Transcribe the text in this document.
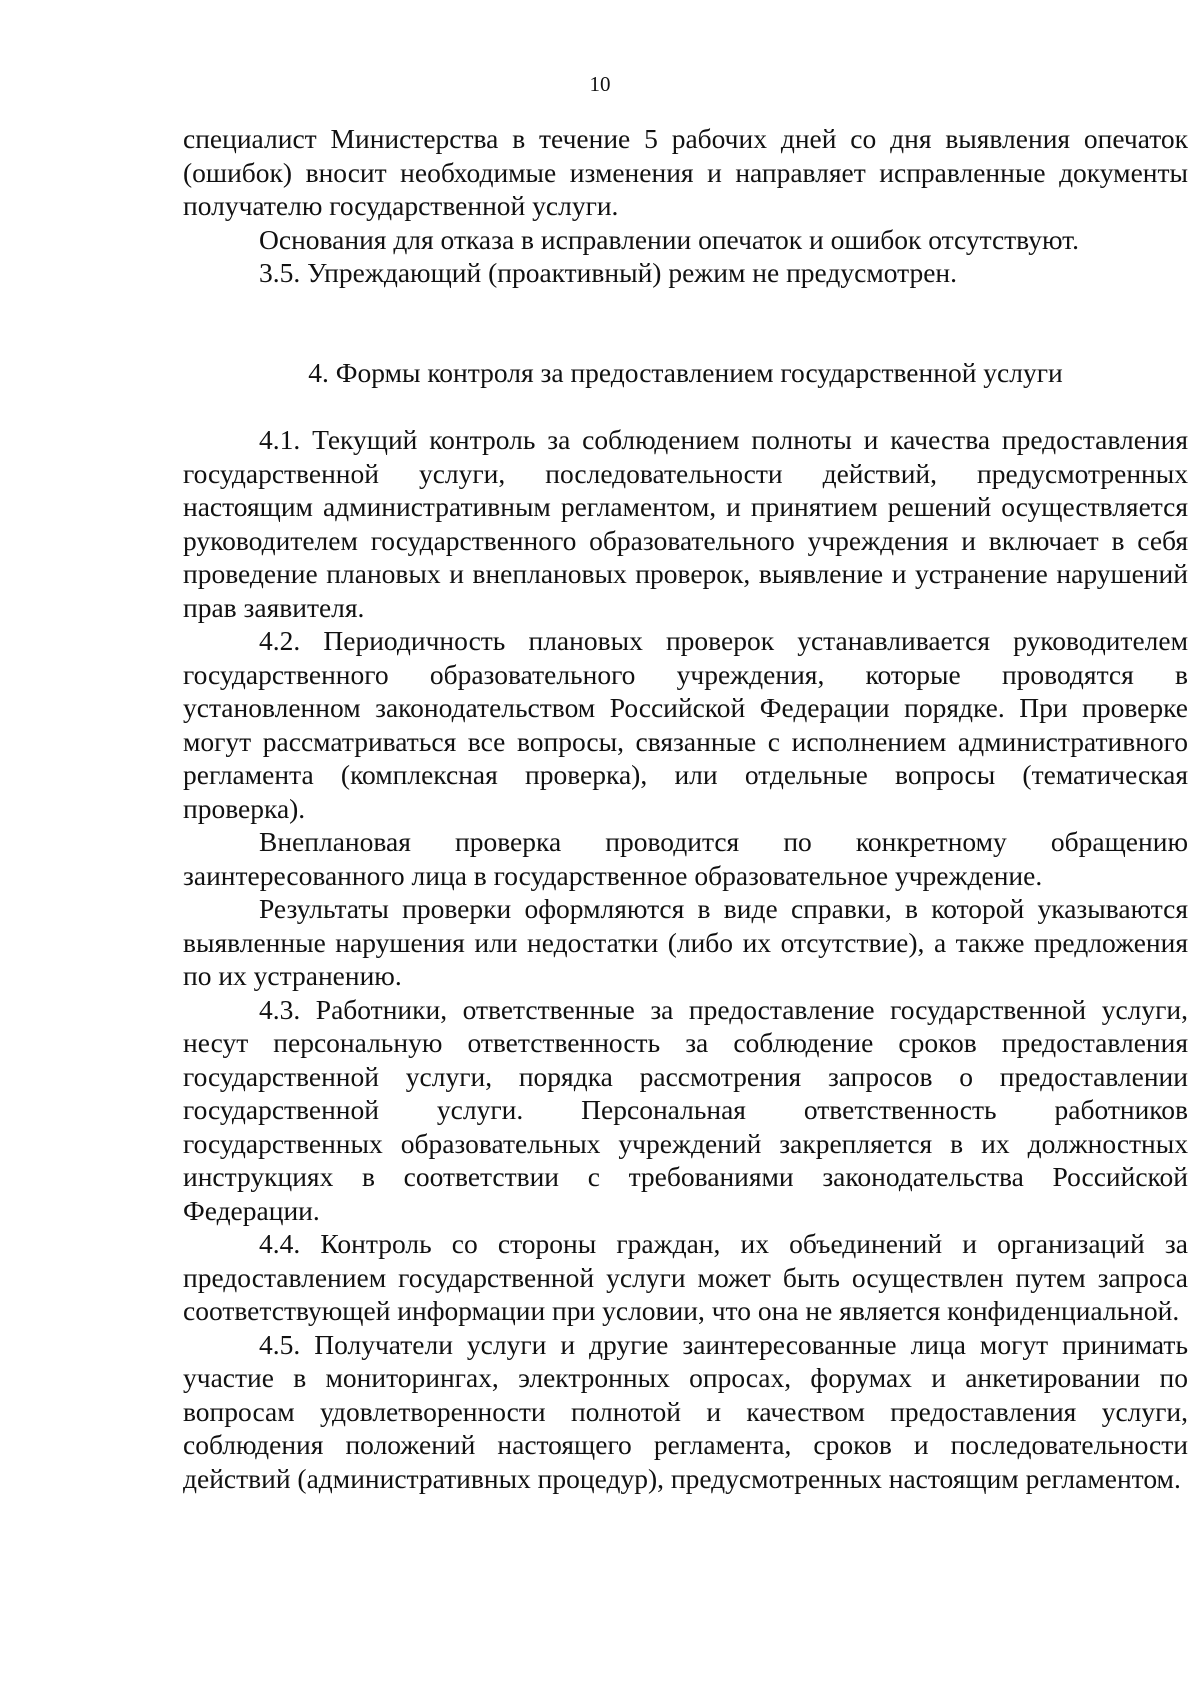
10

специалист Министерства в течение 5 рабочих дней со дня выявления опечаток (ошибок) вносит необходимые изменения и направляет исправленные документы получателю государственной услуги.

Основания для отказа в исправлении опечаток и ошибок отсутствуют.

3.5. Упреждающий (проактивный) режим не предусмотрен.

4. Формы контроля за предоставлением государственной услуги

4.1. Текущий контроль за соблюдением полноты и качества предоставления государственной услуги, последовательности действий, предусмотренных настоящим административным регламентом, и принятием решений осуществляется руководителем государственного образовательного учреждения и включает в себя проведение плановых и внеплановых проверок, выявление и устранение нарушений прав заявителя.

4.2. Периодичность плановых проверок устанавливается руководителем государственного образовательного учреждения, которые проводятся в установленном законодательством Российской Федерации порядке. При проверке могут рассматриваться все вопросы, связанные с исполнением административного регламента (комплексная проверка), или отдельные вопросы (тематическая проверка).

Внеплановая проверка проводится по конкретному обращению заинтересованного лица в государственное образовательное учреждение.

Результаты проверки оформляются в виде справки, в которой указываются выявленные нарушения или недостатки (либо их отсутствие), а также предложения по их устранению.

4.3. Работники, ответственные за предоставление государственной услуги, несут персональную ответственность за соблюдение сроков предоставления государственной услуги, порядка рассмотрения запросов о предоставлении государственной услуги. Персональная ответственность работников государственных образовательных учреждений закрепляется в их должностных инструкциях в соответствии с требованиями законодательства Российской Федерации.

4.4. Контроль со стороны граждан, их объединений и организаций за предоставлением государственной услуги может быть осуществлен путем запроса соответствующей информации при условии, что она не является конфиденциальной.

4.5. Получатели услуги и другие заинтересованные лица могут принимать участие в мониторингах, электронных опросах, форумах и анкетировании по вопросам удовлетворенности полнотой и качеством предоставления услуги, соблюдения положений настоящего регламента, сроков и последовательности действий (административных процедур), предусмотренных настоящим регламентом.
